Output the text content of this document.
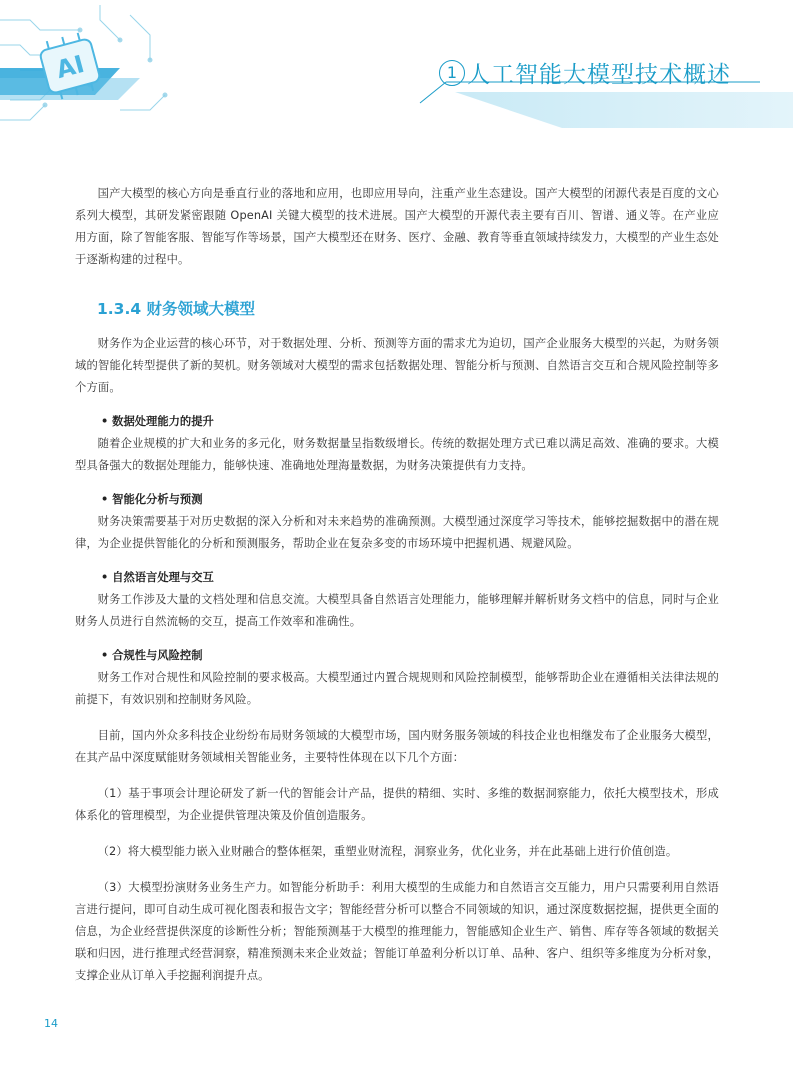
AI	1 人工智能大模型技术概述

国产大模型的核心方向是垂直行业的落地和应用，也即应用导向，注重产业生态建设。国产大模型的闭源代表是百度的文心系列大模型，其研发紧密跟随 OpenAI 关键大模型的技术进展。国产大模型的开源代表主要有百川、智谱、通义等。在产业应用方面，除了智能客服、智能写作等场景，国产大模型还在财务、医疗、金融、教育等垂直领域持续发力，大模型的产业生态处于逐渐构建的过程中。

1.3.4 财务领域大模型

财务作为企业运营的核心环节，对于数据处理、分析、预测等方面的需求尤为迫切，国产企业服务大模型的兴起，为财务领域的智能化转型提供了新的契机。财务领域对大模型的需求包括数据处理、智能分析与预测、自然语言交互和合规风险控制等多个方面。

• 数据处理能力的提升

随着企业规模的扩大和业务的多元化，财务数据量呈指数级增长。传统的数据处理方式已难以满足高效、准确的要求。大模型具备强大的数据处理能力，能够快速、准确地处理海量数据，为财务决策提供有力支持。

• 智能化分析与预测

财务决策需要基于对历史数据的深入分析和对未来趋势的准确预测。大模型通过深度学习等技术，能够挖掘数据中的潜在规律，为企业提供智能化的分析和预测服务，帮助企业在复杂多变的市场环境中把握机遇、规避风险。

• 自然语言处理与交互

财务工作涉及大量的文档处理和信息交流。大模型具备自然语言处理能力，能够理解并解析财务文档中的信息，同时与企业财务人员进行自然流畅的交互，提高工作效率和准确性。

• 合规性与风险控制

财务工作对合规性和风险控制的要求极高。大模型通过内置合规规则和风险控制模型，能够帮助企业在遵循相关法律法规的前提下，有效识别和控制财务风险。

目前，国内外众多科技企业纷纷布局财务领域的大模型市场，国内财务服务领域的科技企业也相继发布了企业服务大模型，在其产品中深度赋能财务领域相关智能业务，主要特性体现在以下几个方面：

（1）基于事项会计理论研发了新一代的智能会计产品，提供的精细、实时、多维的数据洞察能力，依托大模型技术，形成体系化的管理模型，为企业提供管理决策及价值创造服务。

（2）将大模型能力嵌入业财融合的整体框架，重塑业财流程，洞察业务，优化业务，并在此基础上进行价值创造。

（3）大模型扮演财务业务生产力。如智能分析助手：利用大模型的生成能力和自然语言交互能力，用户只需要利用自然语言进行提问，即可自动生成可视化图表和报告文字；智能经营分析可以整合不同领域的知识，通过深度数据挖掘，提供更全面的信息，为企业经营提供深度的诊断性分析；智能预测基于大模型的推理能力，智能感知企业生产、销售、库存等各领域的数据关联和归因，进行推理式经营洞察，精准预测未来企业效益；智能订单盈利分析以订单、品种、客户、组织等多维度为分析对象，支撑企业从订单入手挖掘利润提升点。

14
